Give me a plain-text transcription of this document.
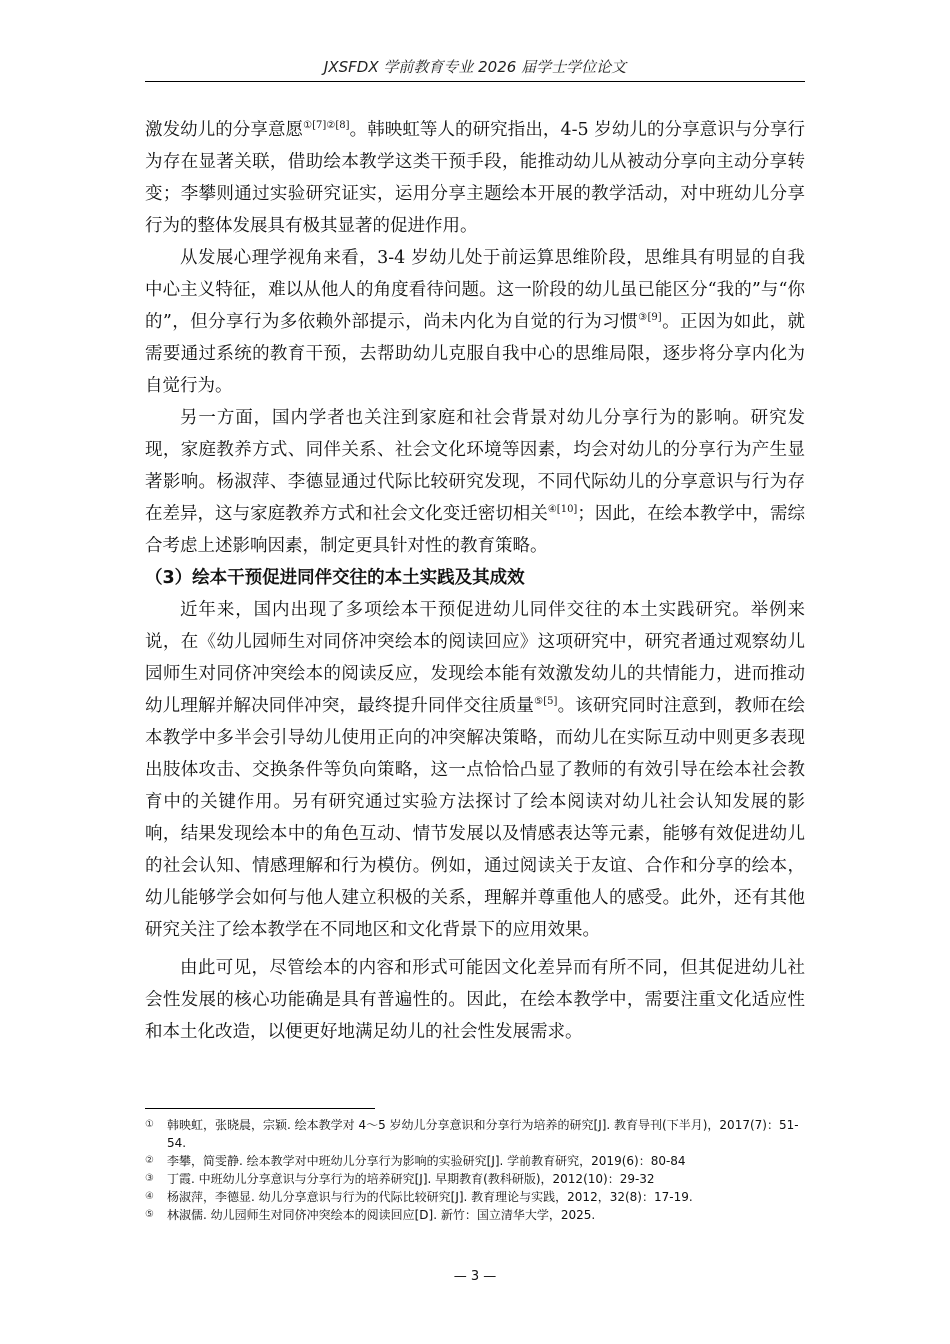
JXSFDX 学前教育专业 2026 届学士学位论文

激发幼儿的分享意愿$^{①[7]②[8]}$。韩映虹等人的研究指出，4-5 岁幼儿的分享意识与分享行为存在显著关联，借助绘本教学这类干预手段，能推动幼儿从被动分享向主动分享转变；李攀则通过实验研究证实，运用分享主题绘本开展的教学活动，对中班幼儿分享行为的整体发展具有极其显著的促进作用。

从发展心理学视角来看，3-4 岁幼儿处于前运算思维阶段，思维具有明显的自我中心主义特征，难以从他人的角度看待问题。这一阶段的幼儿虽已能区分“我的”与“你的”，但分享行为多依赖外部提示，尚未内化为自觉的行为习惯$^{③[9]}$。正因为如此，就需要通过系统的教育干预，去帮助幼儿克服自我中心的思维局限，逐步将分享内化为自觉行为。

另一方面，国内学者也关注到家庭和社会背景对幼儿分享行为的影响。研究发现，家庭教养方式、同伴关系、社会文化环境等因素，均会对幼儿的分享行为产生显著影响。杨淑萍、李德显通过代际比较研究发现，不同代际幼儿的分享意识与行为存在差异，这与家庭教养方式和社会文化变迁密切相关$^{④[10]}$；因此，在绘本教学中，需综合考虑上述影响因素，制定更具针对性的教育策略。

（3）绘本干预促进同伴交往的本土实践及其成效

近年来，国内出现了多项绘本干预促进幼儿同伴交往的本土实践研究。举例来说，在《幼儿园师生对同侪冲突绘本的阅读回应》这项研究中，研究者通过观察幼儿园师生对同侪冲突绘本的阅读反应，发现绘本能有效激发幼儿的共情能力，进而推动幼儿理解并解决同伴冲突，最终提升同伴交往质量$^{⑤[5]}$。该研究同时注意到，教师在绘本教学中多半会引导幼儿使用正向的冲突解决策略，而幼儿在实际互动中则更多表现出肢体攻击、交换条件等负向策略，这一点恰恰凸显了教师的有效引导在绘本社会教育中的关键作用。另有研究通过实验方法探讨了绘本阅读对幼儿社会认知发展的影响，结果发现绘本中的角色互动、情节发展以及情感表达等元素，能够有效促进幼儿的社会认知、情感理解和行为模仿。例如，通过阅读关于友谊、合作和分享的绘本，幼儿能够学会如何与他人建立积极的关系，理解并尊重他人的感受。此外，还有其他研究关注了绘本教学在不同地区和文化背景下的应用效果。

由此可见，尽管绘本的内容和形式可能因文化差异而有所不同，但其促进幼儿社会性发展的核心功能确是具有普遍性的。因此，在绘本教学中，需要注重文化适应性和本土化改造，以便更好地满足幼儿的社会性发展需求。

①	韩映虹，张晓晨，宗颖. 绘本教学对 4～5 岁幼儿分享意识和分享行为培养的研究[J]. 教育导刊(下半月)，2017(7)：51-54.
②	李攀，简雯静. 绘本教学对中班幼儿分享行为影响的实验研究[J]. 学前教育研究，2019(6)：80-84
③	丁霞. 中班幼儿分享意识与分享行为的培养研究[J]. 早期教育(教科研版)，2012(10)：29-32
④	杨淑萍，李德显. 幼儿分享意识与行为的代际比较研究[J]. 教育理论与实践，2012，32(8)：17-19.
⑤	林淑儒. 幼儿园师生对同侪冲突绘本的阅读回应[D]. 新竹：国立清华大学，2025.
— 3 —
